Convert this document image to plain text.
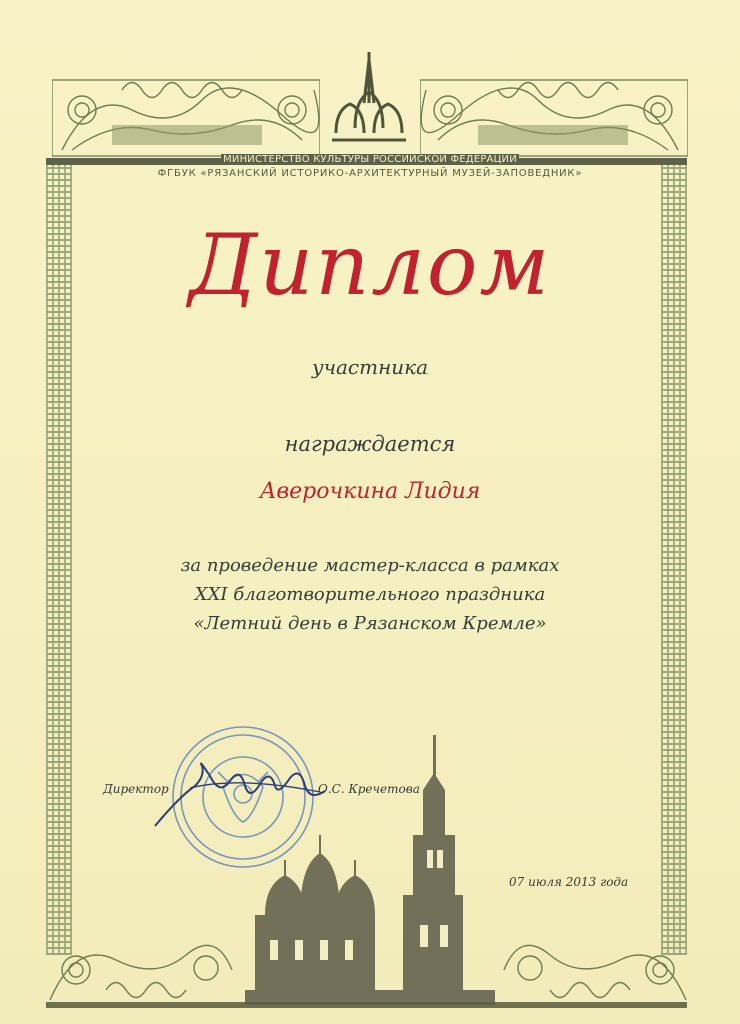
МИНИСТЕРСТВО КУЛЬТУРЫ РОССИЙСКОЙ ФЕДЕРАЦИИ
ФГБУК «РЯЗАНСКИЙ ИСТОРИКО-АРХИТЕКТУРНЫЙ МУЗЕЙ-ЗАПОВЕДНИК»
Диплом
участника
награждается
Аверочкина Лидия
за проведение мастер-класса в рамках
XXI благотворительного праздника
«Летний день в Рязанском Кремле»
Директор	О.С. Кречетова
07 июля 2013 года
